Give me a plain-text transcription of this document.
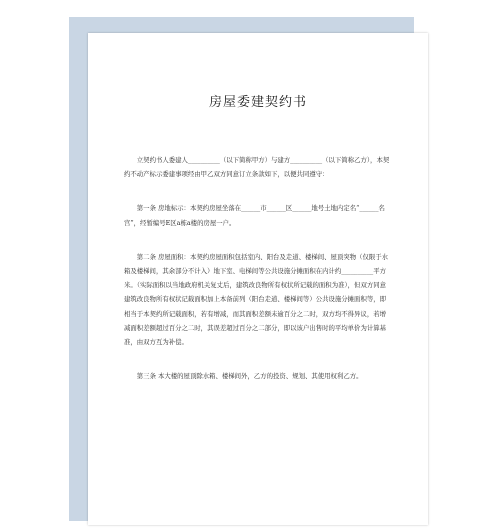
房屋委建契约书

立契约书人委建人__________（以下简称甲方）与建方__________（以下简称乙方），本契约不动产标示委建事项经由甲乙双方同意订立条款如下，以便共同遵守：

第一条 房地标示：本契约房屋坐落在______市______区______地号土地内定名“______名宫”，经暂编号E区a栋a楼的房屋一户。

第二条 房屋面积：本契约房屋面积包括室内、阳台及走道、楼梯间、屋顶突物（仅限于水箱及楼梯间，其余部分不计入）地下室、电梯间等公共设施分摊面积在内计约__________平方米。（实际面积以当地政府机关复丈后，建筑改良物所有权状所记载的面积为准），但双方同意建筑改良物所有权状记载面积加上本备前列（阳台走道、楼梯间等）公共设施分摊面积等，即相当于本契约所记载面积，若有增减，而其面积差额未逾百分之二时，双方均不得异议，若增减面积差额超过百分之二时，其误差超过百分之二部分，即以该户出售时的平均单价为计算基准，由双方互为补偿。

第三条 本大楼的屋顶除水箱、楼梯间外，乙方的投资、规划、其使用权利乙方。
